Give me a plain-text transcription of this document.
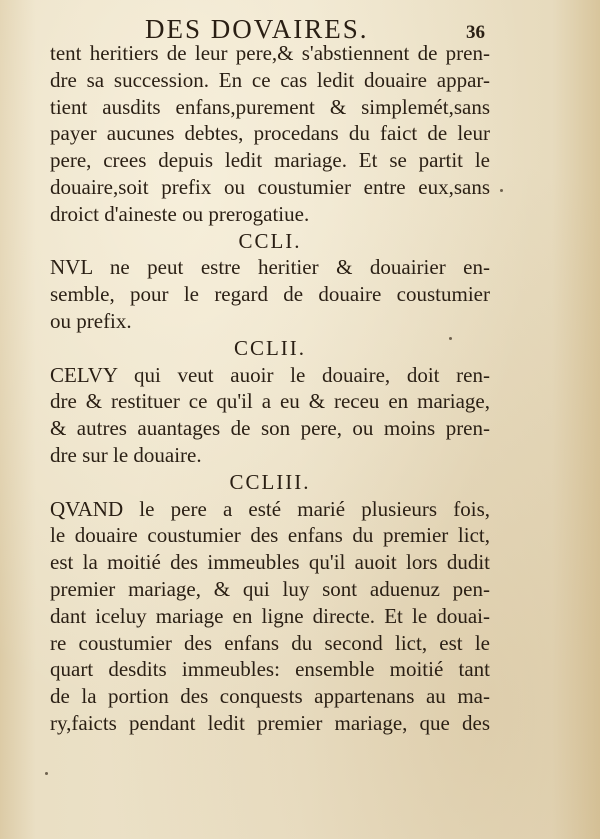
DES DOVAIRES.	36
tent heritiers de leur pere,& s'abstiennent de pren-
dre sa succession. En ce cas ledit douaire appar-
tient ausdits enfans,purement & simplemét,sans
payer aucunes debtes, procedans du faict de leur
pere, crees depuis ledit mariage. Et se partit le
douaire,soit prefix ou coustumier entre eux,sans
droict d'aineste ou prerogatiue.
CCLI.
NVL ne peut estre heritier & douairier en-
semble, pour le regard de douaire coustumier
ou prefix.
CCLII.
CELVY qui veut auoir le douaire, doit ren-
dre & restituer ce qu'il a eu & receu en mariage,
& autres auantages de son pere, ou moins pren-
dre sur le douaire.
CCLIII.
QVAND le pere a esté marié plusieurs fois,
le douaire coustumier des enfans du premier lict,
est la moitié des immeubles qu'il auoit lors dudit
premier mariage, & qui luy sont aduenuz pen-
dant iceluy mariage en ligne directe. Et le douai-
re coustumier des enfans du second lict, est le
quart desdits immeubles: ensemble moitié tant
de la portion des conquests appartenans au ma-
ry,faicts pendant ledit premier mariage, que des
